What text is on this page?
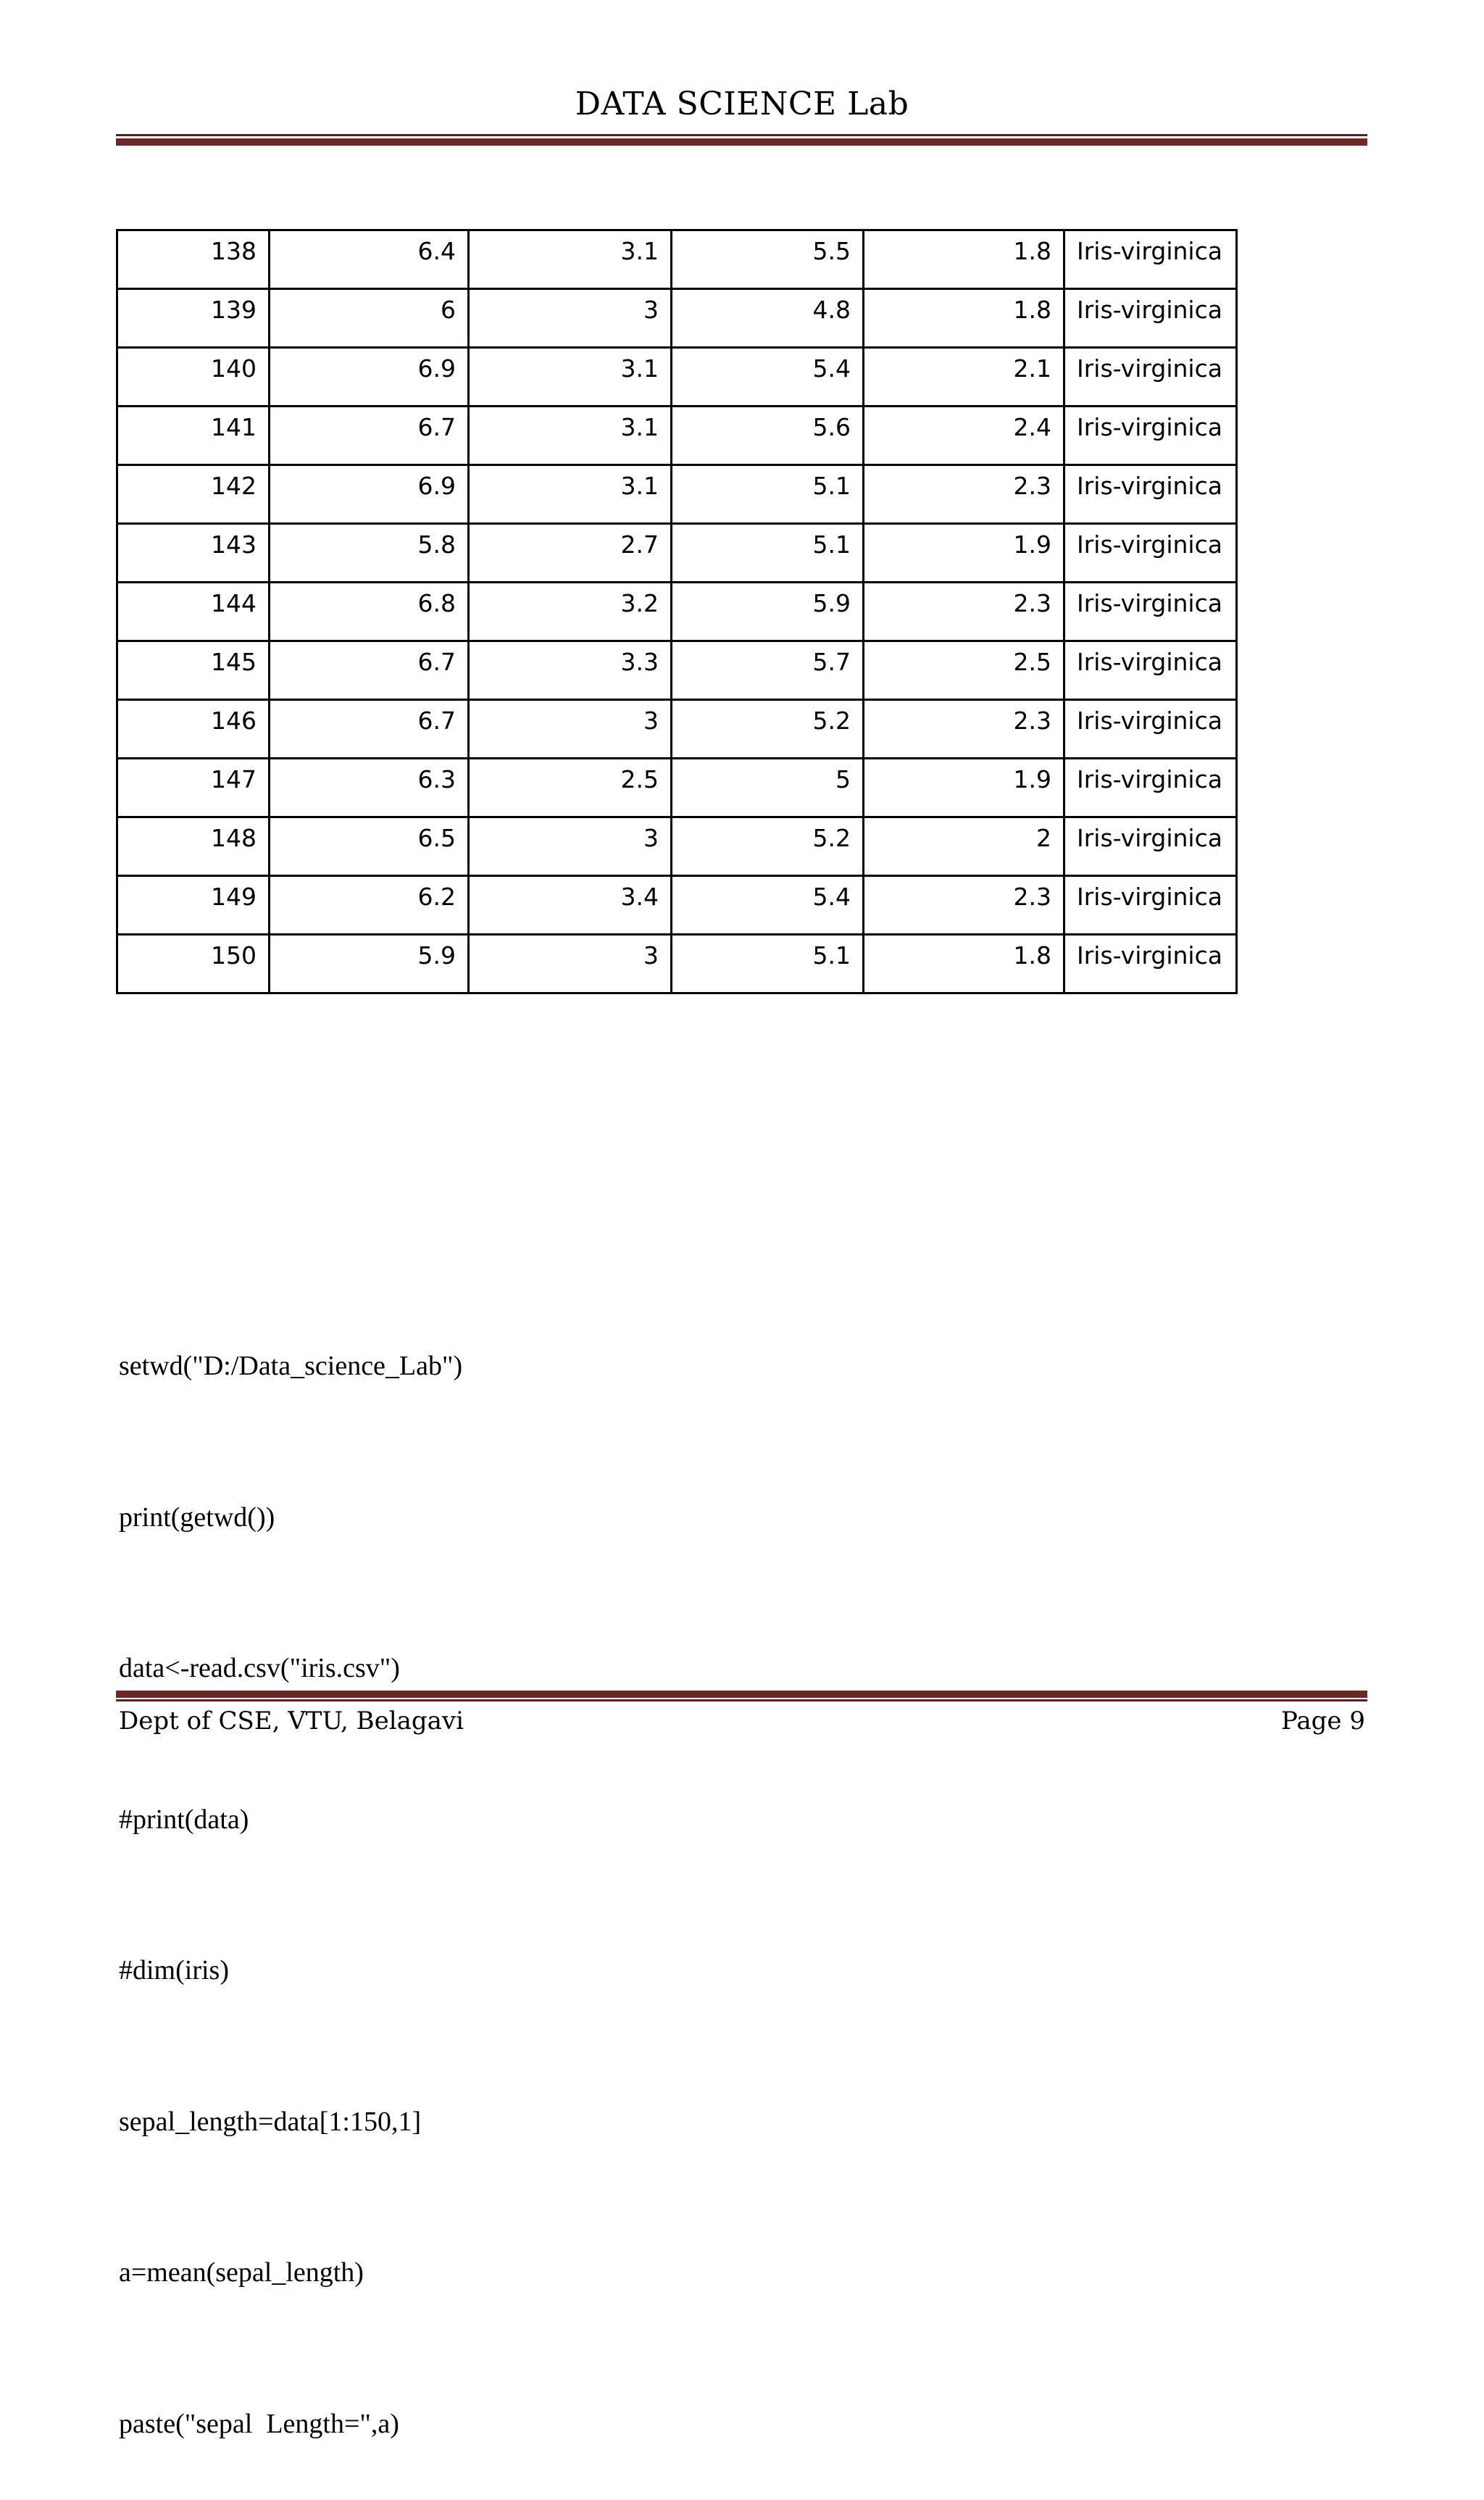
DATA SCIENCE Lab
138	6.4	3.1	5.5	1.8	Iris-virginica
139	6	3	4.8	1.8	Iris-virginica
140	6.9	3.1	5.4	2.1	Iris-virginica
141	6.7	3.1	5.6	2.4	Iris-virginica
142	6.9	3.1	5.1	2.3	Iris-virginica
143	5.8	2.7	5.1	1.9	Iris-virginica
144	6.8	3.2	5.9	2.3	Iris-virginica
145	6.7	3.3	5.7	2.5	Iris-virginica
146	6.7	3	5.2	2.3	Iris-virginica
147	6.3	2.5	5	1.9	Iris-virginica
148	6.5	3	5.2	2	Iris-virginica
149	6.2	3.4	5.4	2.3	Iris-virginica
150	5.9	3	5.1	1.8	Iris-virginica

setwd("D:/Data_science_Lab")

print(getwd())

data<-read.csv("iris.csv")

#print(data)

#dim(iris)

sepal_length=data[1:150,1]

a=mean(sepal_length)

paste("sepal  Length=",a)

Dept of CSE, VTU, Belagavi	Page 9
